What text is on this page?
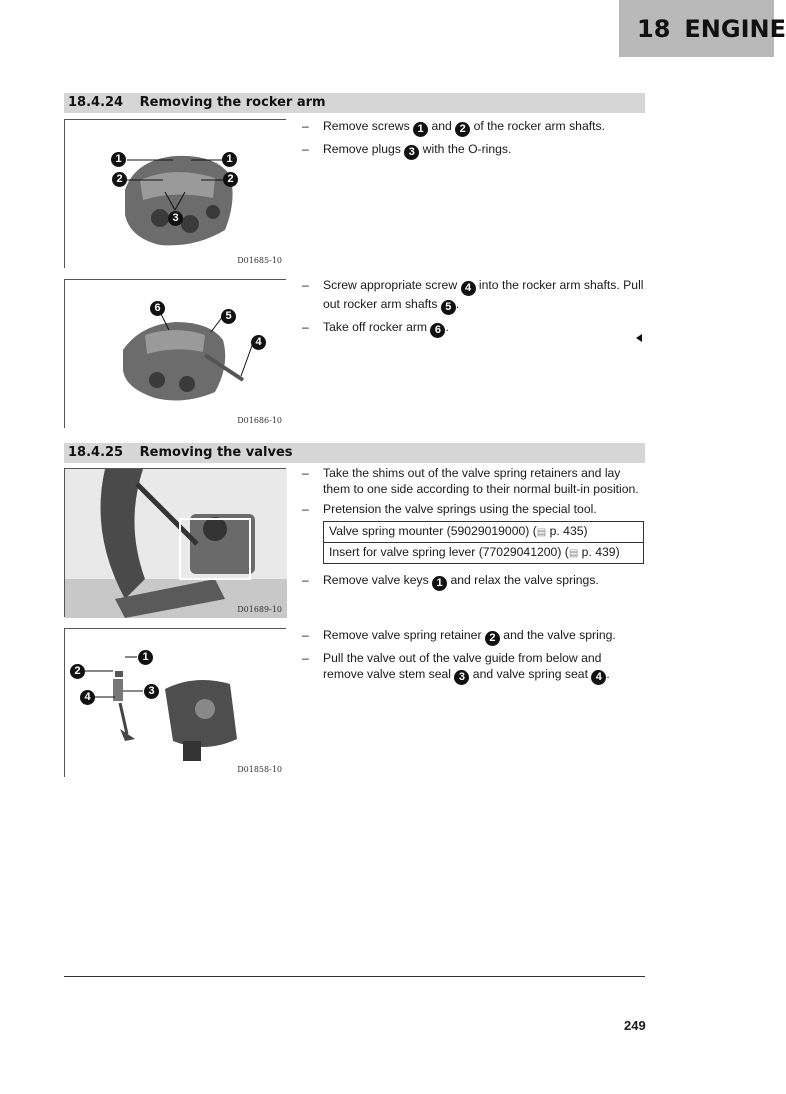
18 ENGINE
18.4.24 Removing the rocker arm
1	1
2	2
3
D01685-10
– Remove screws 1 and 2 of the rocker arm shafts.
– Remove plugs 3 with the O-rings.
6
5
4
D01686-10
– Screw appropriate screw 4 into the rocker arm shafts. Pull out rocker arm shafts 5 .
– Take off rocker arm 6 .
18.4.25 Removing the valves
D01689-10
– Take the shims out of the valve spring retainers and lay them to one side according to their normal built-in position.
– Pretension the valve springs using the special tool.
Valve spring mounter (59029019000) (▤ p. 435)
Insert for valve spring lever (77029041200) (▤ p. 439)
– Remove valve keys 1 and relax the valve springs.
1
2
3
4
D01858-10
– Remove valve spring retainer 2 and the valve spring.
– Pull the valve out of the valve guide from below and remove valve stem seal 3 and valve spring seat 4 .
249
